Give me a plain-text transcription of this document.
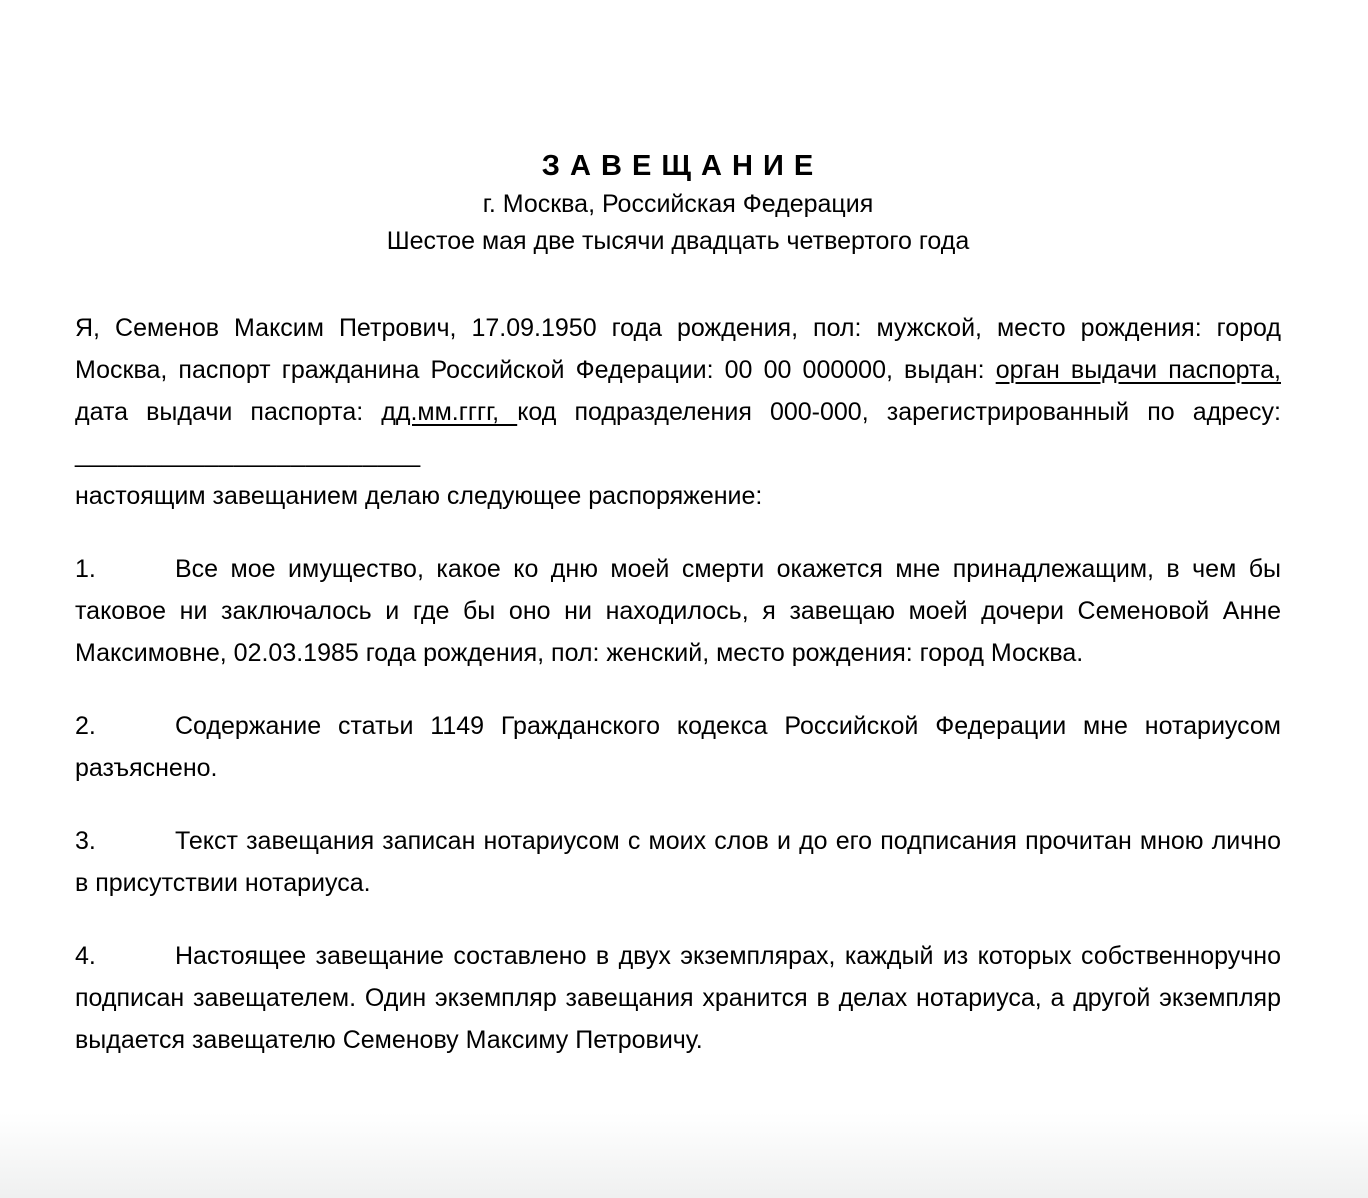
З А В Е Щ А Н И Е
г. Москва, Российская Федерация
Шестое мая две тысячи двадцать четвертого года

Я, Семенов Максим Петрович, 17.09.1950 года рождения, пол: мужской, место рождения: город Москва, паспорт гражданина Российской Федерации: 00 00 000000, выдан: орган выдачи паспорта, дата выдачи паспорта: дд.мм.гггг, код подразделения 000-000, зарегистрированный по адресу: ________________________

настоящим завещанием делаю следующее распоряжение:

1.	Все мое имущество, какое ко дню моей смерти окажется мне принадлежащим, в чем бы таковое ни заключалось и где бы оно ни находилось, я завещаю моей дочери Семеновой Анне Максимовне, 02.03.1985 года рождения, пол: женский, место рождения: город Москва.

2.	Содержание статьи 1149 Гражданского кодекса Российской Федерации мне нотариусом разъяснено.

3.	Текст завещания записан нотариусом с моих слов и до его подписания прочитан мною лично в присутствии нотариуса.

4.	Настоящее завещание составлено в двух экземплярах, каждый из которых собственноручно подписан завещателем. Один экземпляр завещания хранится в делах нотариуса, а другой экземпляр выдается завещателю Семенову Максиму Петровичу.
